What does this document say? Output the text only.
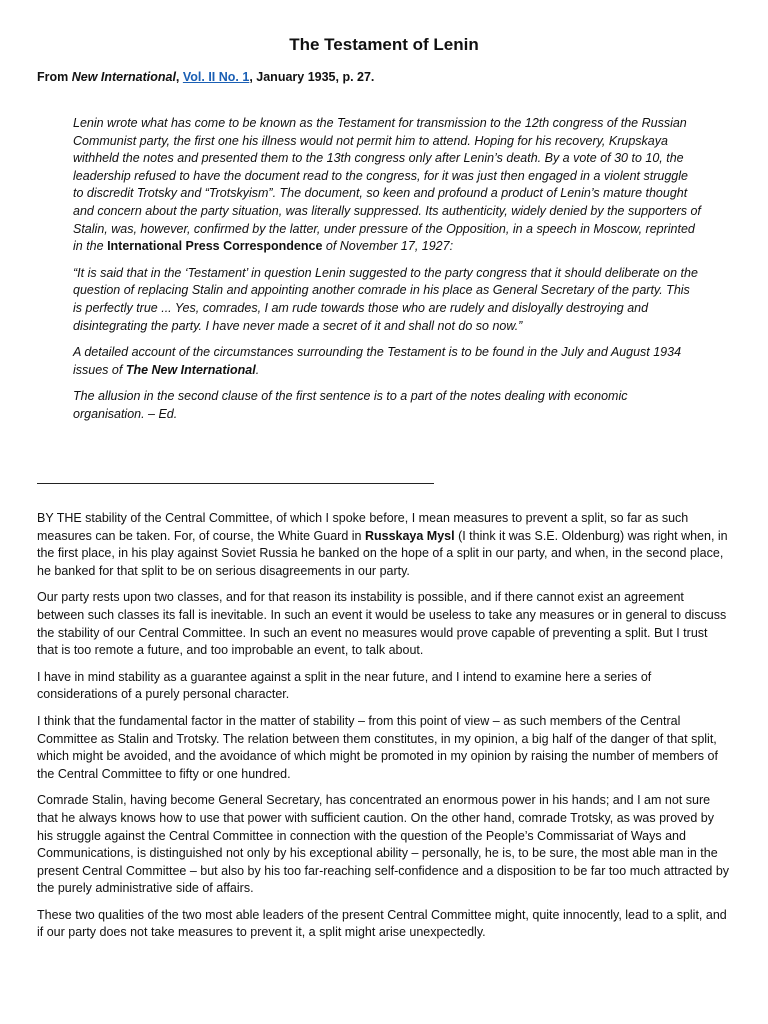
The Testament of Lenin

From New International, Vol. II No. 1, January 1935, p. 27.

Lenin wrote what has come to be known as the Testament for transmission to the 12th congress of the Russian Communist party, the first one his illness would not permit him to attend. Hoping for his recovery, Krupskaya withheld the notes and presented them to the 13th congress only after Lenin’s death. By a vote of 30 to 10, the leadership refused to have the document read to the congress, for it was just then engaged in a violent struggle to discredit Trotsky and “Trotskyism”. The document, so keen and profound a product of Lenin’s mature thought and concern about the party situation, was literally suppressed. Its authenticity, widely denied by the supporters of Stalin, was, however, confirmed by the latter, under pressure of the Opposition, in a speech in Moscow, reprinted in the International Press Correspondence of November 17, 1927:

“It is said that in the ‘Testament’ in question Lenin suggested to the party congress that it should deliberate on the question of replacing Stalin and appointing another comrade in his place as General Secretary of the party. This is perfectly true ... Yes, comrades, I am rude towards those who are rudely and disloyally destroying and disintegrating the party. I have never made a secret of it and shall not do so now.”

A detailed account of the circumstances surrounding the Testament is to be found in the July and August 1934 issues of The New International.

The allusion in the second clause of the first sentence is to a part of the notes dealing with economic organisation. – Ed.

BY THE stability of the Central Committee, of which I spoke before, I mean measures to prevent a split, so far as such measures can be taken. For, of course, the White Guard in Russkaya Mysl (I think it was S.E. Oldenburg) was right when, in the first place, in his play against Soviet Russia he banked on the hope of a split in our party, and when, in the second place, he banked for that split to be on serious disagreements in our party.

Our party rests upon two classes, and for that reason its instability is possible, and if there cannot exist an agreement between such classes its fall is inevitable. In such an event it would be useless to take any measures or in general to discuss the stability of our Central Committee. In such an event no measures would prove capable of preventing a split. But I trust that is too remote a future, and too improbable an event, to talk about.

I have in mind stability as a guarantee against a split in the near future, and I intend to examine here a series of considerations of a purely personal character.

I think that the fundamental factor in the matter of stability – from this point of view – as such members of the Central Committee as Stalin and Trotsky. The relation between them constitutes, in my opinion, a big half of the danger of that split, which might be avoided, and the avoidance of which might be promoted in my opinion by raising the number of members of the Central Committee to fifty or one hundred.

Comrade Stalin, having become General Secretary, has concentrated an enormous power in his hands; and I am not sure that he always knows how to use that power with sufficient caution. On the other hand, comrade Trotsky, as was proved by his struggle against the Central Committee in connection with the question of the People’s Commissariat of Ways and Communications, is distinguished not only by his exceptional ability – personally, he is, to be sure, the most able man in the present Central Committee – but also by his too far-reaching self-confidence and a disposition to be far too much attracted by the purely administrative side of affairs.

These two qualities of the two most able leaders of the present Central Committee might, quite innocently, lead to a split, and if our party does not take measures to prevent it, a split might arise unexpectedly.
